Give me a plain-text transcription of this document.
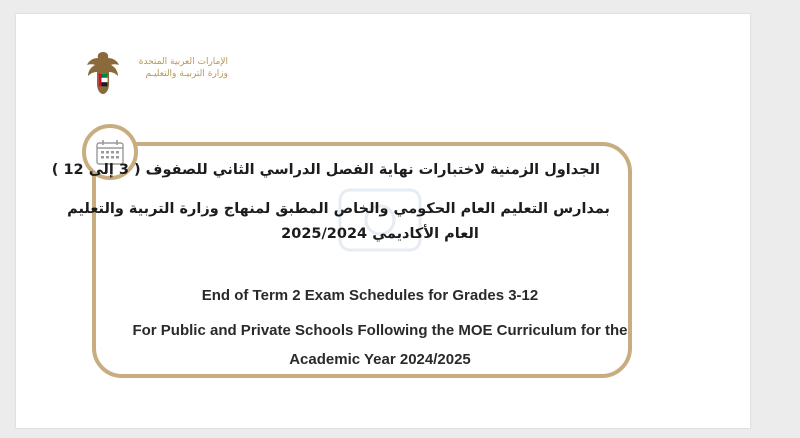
الإمارات العربية المتحدة
وزارة التربيـة والتعليـم
الجداول الزمنية لاختبارات نهاية الفصل الدراسي الثاني للصفوف ( 3 إلى 12 )
بمدارس التعليم العام الحكومي والخاص المطبق لمنهاج وزارة التربية والتعليم
العام الأكاديمي 2025/2024
End of Term 2 Exam Schedules for Grades 3-12
For Public and Private Schools Following the MOE Curriculum for the
Academic Year 2024/2025
